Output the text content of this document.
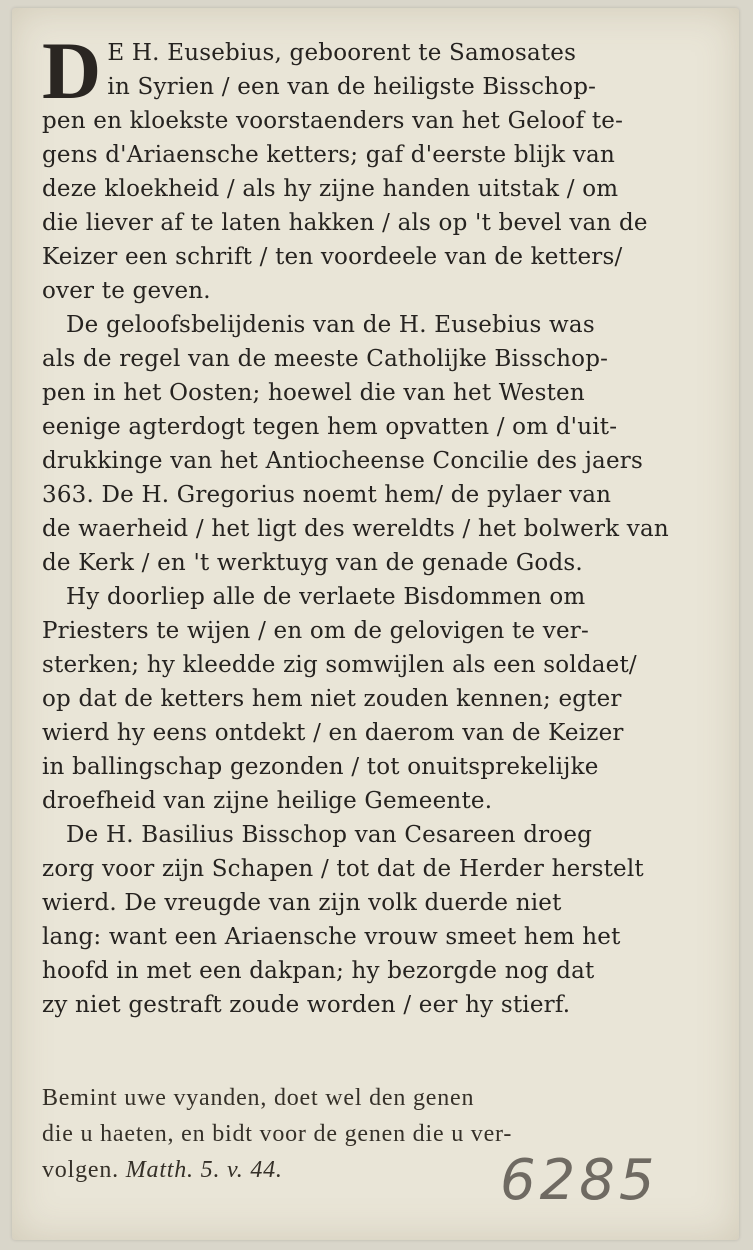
D E H. Eusebius, geboorent te Samosates
in Syrien / een van de heiligste Bisschop-
pen en kloekste voorstaenders van het Geloof te-
gens d'Ariaensche ketters; gaf d'eerste blijk van
deze kloekheid / als hy zijne handen uitstak / om
die liever af te laten hakken / als op 't bevel van de
Keizer een schrift / ten voordeele van de ketters/
over te geven.

De geloofsbelijdenis van de H. Eusebius was
als de regel van de meeste Catholijke Bisschop-
pen in het Oosten; hoewel die van het Westen
eenige agterdogt tegen hem opvatten / om d'uit-
drukkinge van het Antiocheense Concilie des jaers
363. De H. Gregorius noemt hem/ de pylaer van
de waerheid / het ligt des wereldts / het bolwerk van
de Kerk / en 't werktuyg van de genade Gods.

Hy doorliep alle de verlaete Bisdommen om
Priesters te wijen / en om de gelovigen te ver-
sterken; hy kleedde zig somwijlen als een soldaet/
op dat de ketters hem niet zouden kennen; egter
wierd hy eens ontdekt / en daerom van de Keizer
in ballingschap gezonden / tot onuitsprekelijke
droefheid van zijne heilige Gemeente.

De H. Basilius Bisschop van Cesareen droeg
zorg voor zijn Schapen / tot dat de Herder herstelt
wierd. De vreugde van zijn volk duerde niet
lang: want een Ariaensche vrouw smeet hem het
hoofd in met een dakpan; hy bezorgde nog dat
zy niet gestraft zoude worden / eer hy stierf.

Bemint uwe vyanden, doet wel den genen
die u haeten, en bidt voor de genen die u ver-
volgen. Matth. 5. v. 44.	6285
